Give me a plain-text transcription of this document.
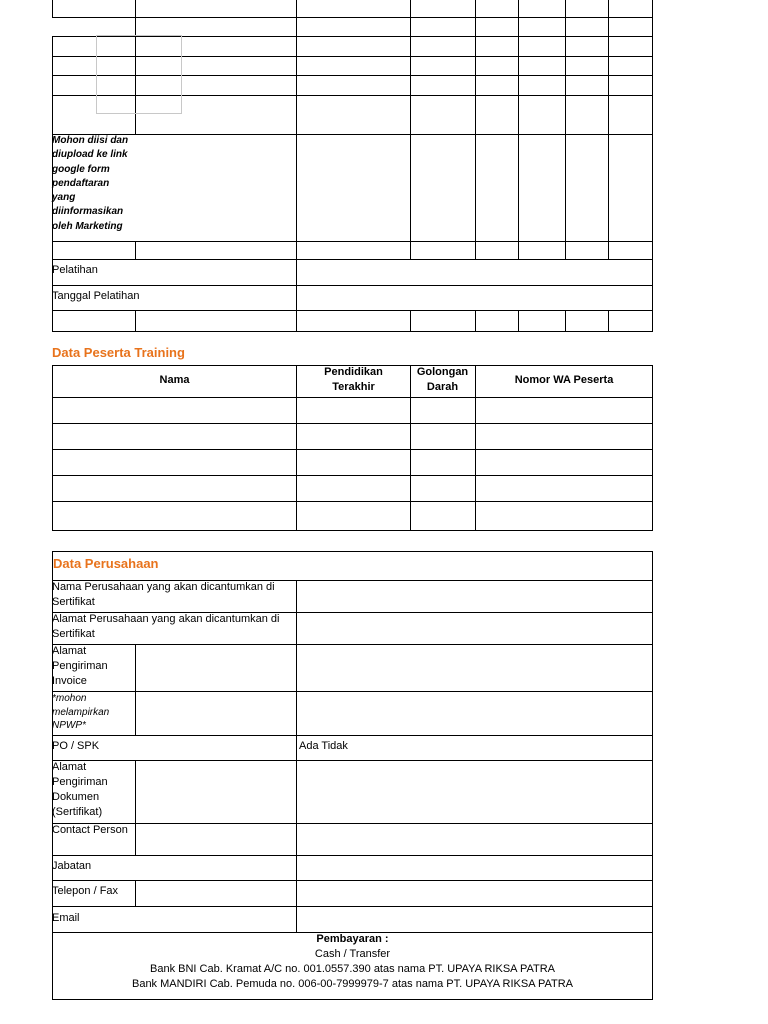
Mohon diisi dan diupload ke link google form pendaftaran yang diinformasikan oleh Marketing
Pelatihan
Tanggal Pelatihan
Data Peserta Training
Nama
Pendidikan Terakhir
Golongan Darah
Nomor WA Peserta
Data Perusahaan
Nama Perusahaan yang akan dicantumkan di Sertifikat
Alamat Perusahaan yang akan dicantumkan di Sertifikat
Alamat Pengiriman Invoice
*mohon melampirkan NPWP*
PO / SPK	Ada Tidak
Alamat Pengiriman Dokumen (Sertifikat)
Contact Person
Jabatan
Telepon / Fax
Email
Pembayaran :
Cash / Transfer
Bank BNI Cab. Kramat A/C no. 001.0557.390 atas nama PT. UPAYA RIKSA PATRA
Bank MANDIRI Cab. Pemuda no. 006-00-7999979-7 atas nama PT. UPAYA RIKSA PATRA
